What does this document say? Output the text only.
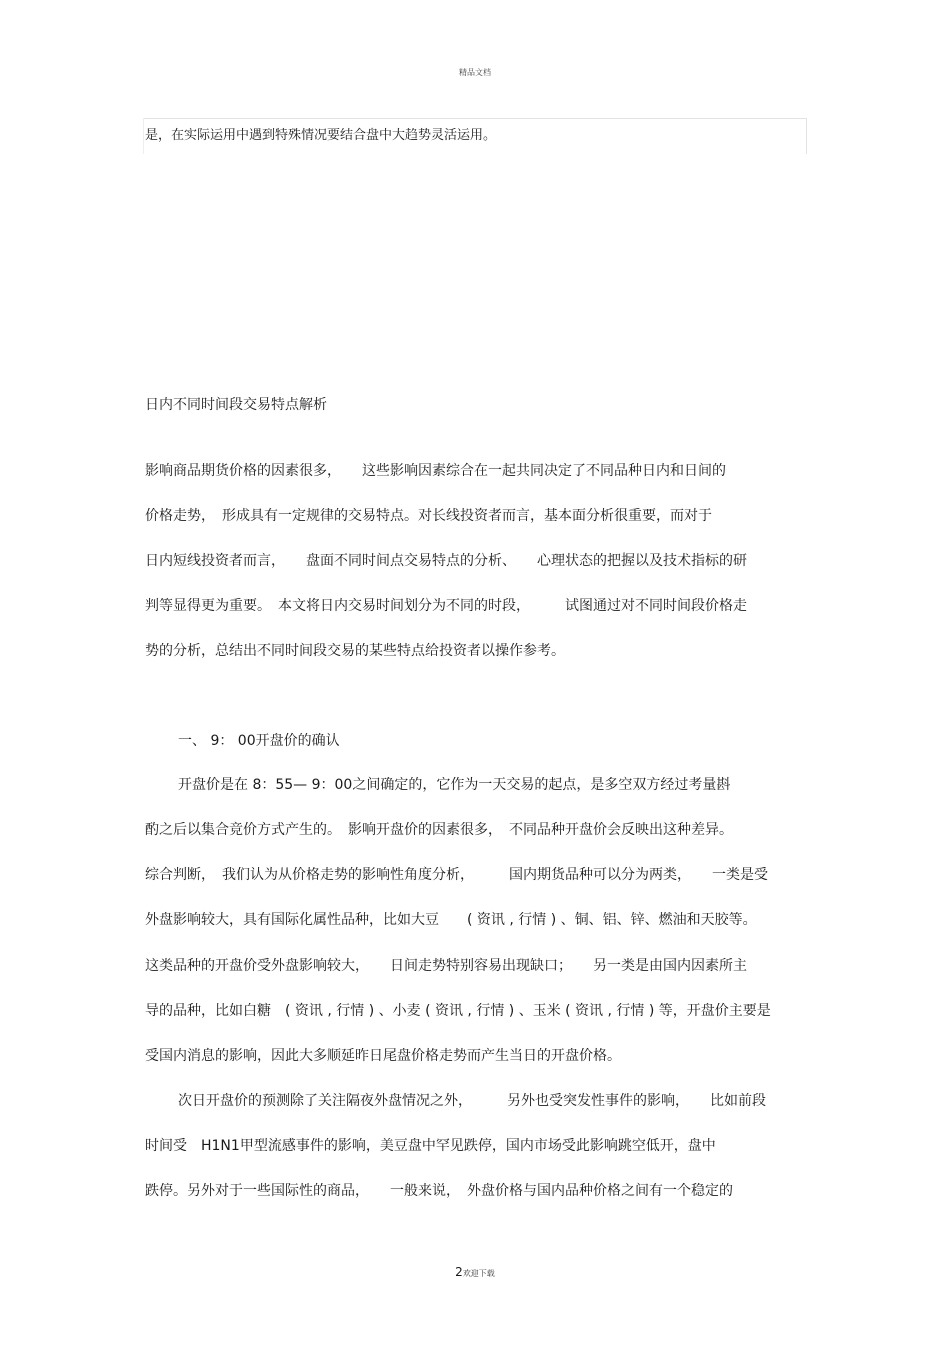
精品文档
是，在实际运用中遇到特殊情况要结合盘中大趋势灵活运用。
日内不同时间段交易特点解析
影响商品期货价格的因素很多，　　这些影响因素综合在一起共同决定了不同品种日内和日间的
价格走势，　形成具有一定规律的交易特点。对长线投资者而言，基本面分析很重要，而对于
日内短线投资者而言，　　盘面不同时间点交易特点的分析、　　心理状态的把握以及技术指标的研
判等显得更为重要。　本文将日内交易时间划分为不同的时段，　　　试图通过对不同时间段价格走
势的分析，总结出不同时间段交易的某些特点给投资者以操作参考。
一、 9： 00开盘价的确认
开盘价是在 8：55— 9：00之间确定的，它作为一天交易的起点，是多空双方经过考量斟
酌之后以集合竞价方式产生的。　影响开盘价的因素很多，　不同品种开盘价会反映出这种差异。
综合判断，　我们认为从价格走势的影响性角度分析，　　　国内期货品种可以分为两类，　　一类是受
外盘影响较大，具有国际化属性品种，比如大豆　　( 资讯 , 行情 ) 、铜、铝、锌、燃油和天胶等。
这类品种的开盘价受外盘影响较大，　　日间走势特别容易出现缺口；　　另一类是由国内因素所主
导的品种，比如白糖　( 资讯 , 行情 ) 、小麦 ( 资讯 , 行情 ) 、玉米 ( 资讯 , 行情 ) 等，开盘价主要是
受国内消息的影响，因此大多顺延昨日尾盘价格走势而产生当日的开盘价格。
次日开盘价的预测除了关注隔夜外盘情况之外，　　　另外也受突发性事件的影响，　　比如前段
时间受　H1N1甲型流感事件的影响，美豆盘中罕见跌停，国内市场受此影响跳空低开，盘中
跌停。另外对于一些国际性的商品，　　一般来说，　外盘价格与国内品种价格之间有一个稳定的
2欢迎下载
